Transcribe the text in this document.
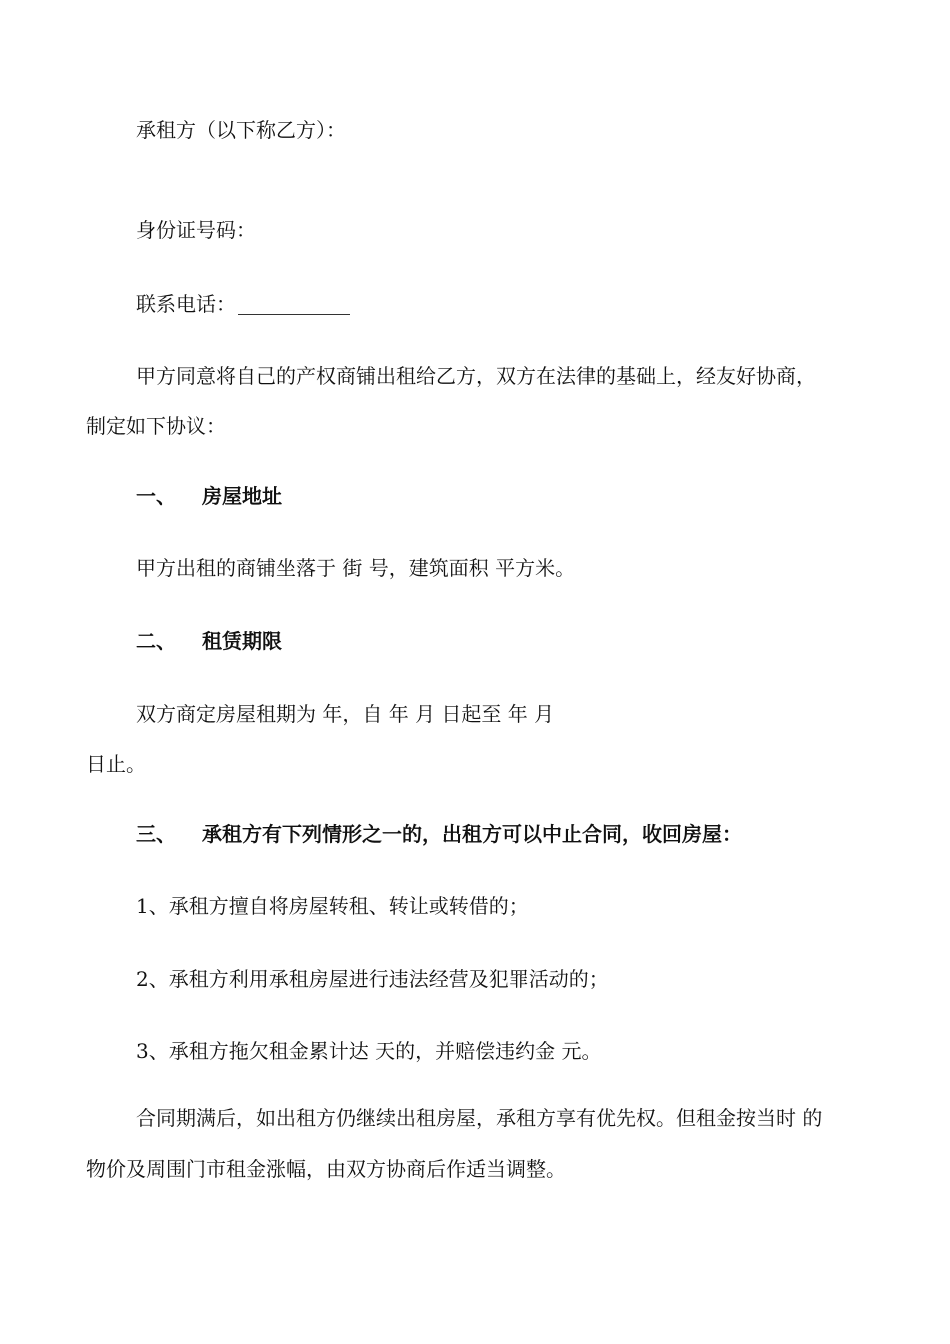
承租方（以下称乙方）：
身份证号码：
联系电话：
甲方同意将自己的产权商铺出租给乙方，双方在法律的基础上，经友好协商，
制定如下协议：
一、 房屋地址
甲方出租的商铺坐落于 街 号，建筑面积 平方米。
二、 租赁期限
双方商定房屋租期为 年，自 年 月 日起至 年 月
日止。
三、 承租方有下列情形之一的，出租方可以中止合同，收回房屋：
1、承租方擅自将房屋转租、转让或转借的；
2、承租方利用承租房屋进行违法经营及犯罪活动的；
3、承租方拖欠租金累计达 天的，并赔偿违约金 元。
合同期满后，如出租方仍继续出租房屋，承租方享有优先权。但租金按当时 的
物价及周围门市租金涨幅，由双方协商后作适当调整。
